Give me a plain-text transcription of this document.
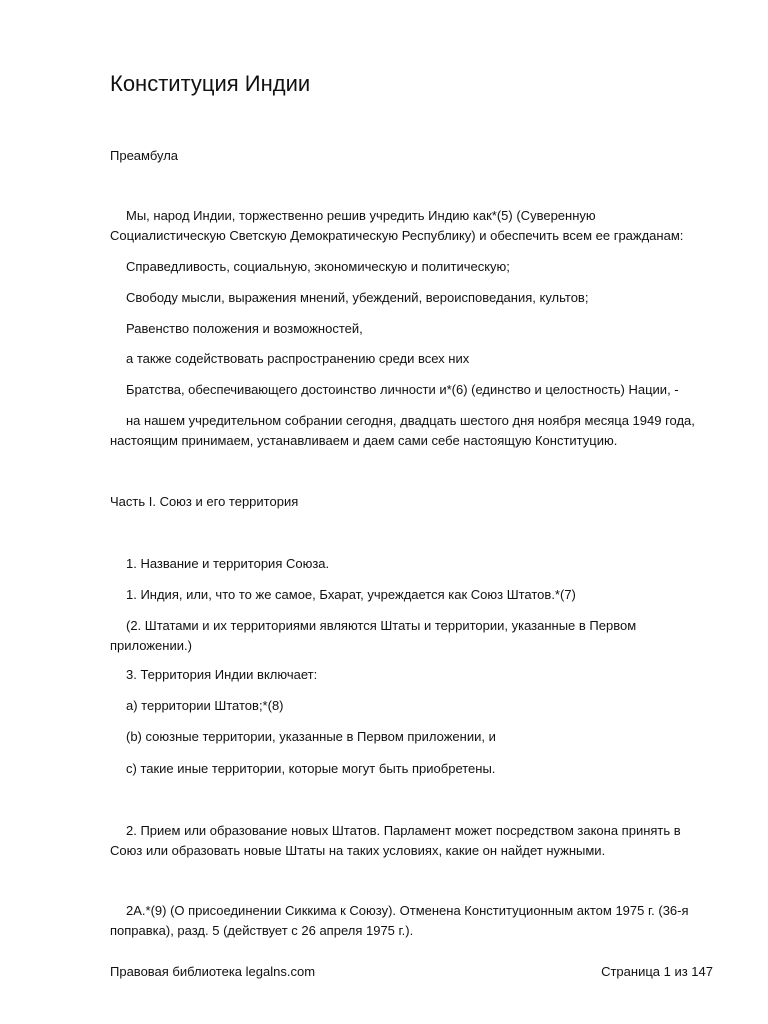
Конституция Индии

Преамбула

Мы, народ Индии, торжественно решив учредить Индию как*(5) (Суверенную Социалистическую Светскую Демократическую Республику) и обеспечить всем ее гражданам:

Справедливость, социальную, экономическую и политическую;

Свободу мысли, выражения мнений, убеждений, вероисповедания, культов;

Равенство положения и возможностей,

а также содействовать распространению среди всех них

Братства, обеспечивающего достоинство личности и*(6) (единство и целостность) Нации, -

на нашем учредительном собрании сегодня, двадцать шестого дня ноября месяца 1949 года, настоящим принимаем, устанавливаем и даем сами себе настоящую Конституцию.

Часть I. Союз и его территория

1. Название и территория Союза.

1. Индия, или, что то же самое, Бхарат, учреждается как Союз Штатов.*(7)

(2. Штатами и их территориями являются Штаты и территории, указанные в Первом приложении.)

3. Территория Индии включает:

a) территории Штатов;*(8)

(b) союзные территории, указанные в Первом приложении, и

c) такие иные территории, которые могут быть приобретены.

2. Прием или образование новых Штатов. Парламент может посредством закона принять в Союз или образовать новые Штаты на таких условиях, какие он найдет нужными.

2А.*(9) (О присоединении Сиккима к Союзу). Отменена Конституционным актом 1975 г. (36-я поправка), разд. 5 (действует с 26 апреля 1975 г.).

Правовая библиотека legalns.com	Страница 1 из 147
